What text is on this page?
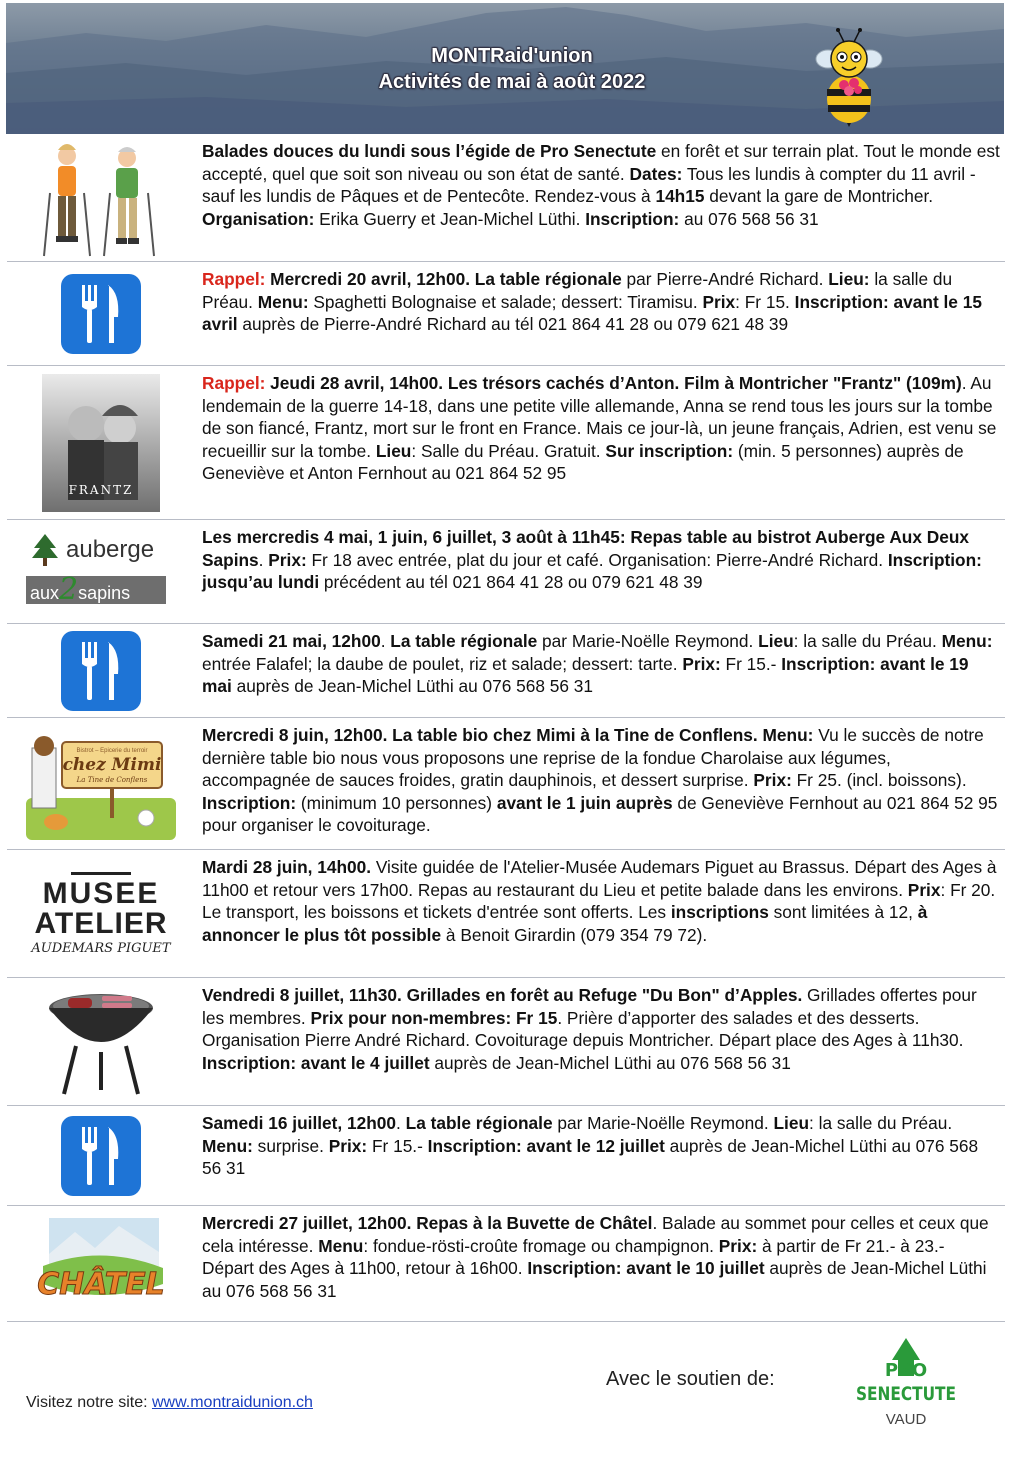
MONTRaid'union
Activités de mai à août 2022
Balades douces du lundi sous l’égide de Pro Senectute en forêt et sur terrain plat. Tout le monde est accepté, quel que soit son niveau ou son état de santé. Dates: Tous les lundis à compter du 11 avril - sauf les lundis de Pâques et de Pentecôte. Rendez-vous à 14h15 devant la gare de Montricher. Organisation: Erika Guerry et Jean-Michel Lüthi. Inscription: au 076 568 56 31
Rappel: Mercredi 20 avril, 12h00. La table régionale par Pierre-André Richard. Lieu: la salle du Préau. Menu: Spaghetti Bolognaise et salade; dessert: Tiramisu. Prix: Fr 15. Inscription: avant le 15 avril auprès de Pierre-André Richard au tél 021 864 41 28 ou 079 621 48 39
FRANTZ
Rappel: Jeudi 28 avril, 14h00. Les trésors cachés d’Anton. Film à Montricher "Frantz" (109m). Au lendemain de la guerre 14-18, dans une petite ville allemande, Anna se rend tous les jours sur la tombe de son fiancé, Frantz, mort sur le front en France. Mais ce jour-là, un jeune français, Adrien, est venu se recueillir sur la tombe. Lieu: Salle du Préau. Gratuit. Sur inscription: (min. 5 personnes) auprès de Geneviève et Anton Fernhout au 021 864 52 95
auberge
aux2sapins
Les mercredis 4 mai, 1 juin, 6 juillet, 3 août à 11h45: Repas table au bistrot Auberge Aux Deux Sapins. Prix: Fr 18 avec entrée, plat du jour et café. Organisation: Pierre-André Richard. Inscription: jusqu’au lundi précédent au tél 021 864 41 28 ou 079 621 48 39
Samedi 21 mai, 12h00. La table régionale par Marie-Noëlle Reymond. Lieu: la salle du Préau. Menu: entrée Falafel; la daube de poulet, riz et salade; dessert: tarte. Prix: Fr 15.- Inscription: avant le 19 mai auprès de Jean-Michel Lüthi au 076 568 56 31
Bistrot – Epicerie du terroir
chez Mimi
La Tine de Conflens
Mercredi 8 juin, 12h00. La table bio chez Mimi à la Tine de Conflens. Menu: Vu le succès de notre dernière table bio nous vous proposons une reprise de la fondue Charolaise aux légumes, accompagnée de sauces froides, gratin dauphinois, et dessert surprise. Prix: Fr 25. (incl. boissons). Inscription: (minimum 10 personnes) avant le 1 juin auprès de Geneviève Fernhout au 021 864 52 95 pour organiser le covoiturage.
MUSEE
ATELIER
AUDEMARS PIGUET
Mardi 28 juin, 14h00. Visite guidée de l'Atelier-Musée Audemars Piguet au Brassus. Départ des Ages à 11h00 et retour vers 17h00. Repas au restaurant du Lieu et petite balade dans les environs. Prix: Fr 20. Le transport, les boissons et tickets d'entrée sont offerts. Les inscriptions sont limitées à 12, à annoncer le plus tôt possible à Benoit Girardin (079 354 79 72).
Vendredi 8 juillet, 11h30. Grillades en forêt au Refuge "Du Bon" d’Apples. Grillades offertes pour les membres. Prix pour non-membres: Fr 15. Prière d’apporter des salades et des desserts. Organisation Pierre André Richard. Covoiturage depuis Montricher. Départ place des Ages à 11h30. Inscription: avant le 4 juillet auprès de Jean-Michel Lüthi au 076 568 56 31
Samedi 16 juillet, 12h00. La table régionale par Marie-Noëlle Reymond. Lieu: la salle du Préau. Menu: surprise. Prix: Fr 15.- Inscription: avant le 12 juillet auprès de Jean-Michel Lüthi au 076 568 56 31
CHÂTEL
Mercredi 27 juillet, 12h00. Repas à la Buvette de Châtel. Balade au sommet pour celles et ceux que cela intéresse. Menu: fondue-rösti-croûte fromage ou champignon. Prix: à partir de Fr 21.- à 23.- Départ des Ages à 11h00, retour à 16h00. Inscription: avant le 10 juillet auprès de Jean-Michel Lüthi au 076 568 56 31
Visitez notre site: www.montraidunion.ch
Avec le soutien de:	PRO
SENECTUTE
VAUD
